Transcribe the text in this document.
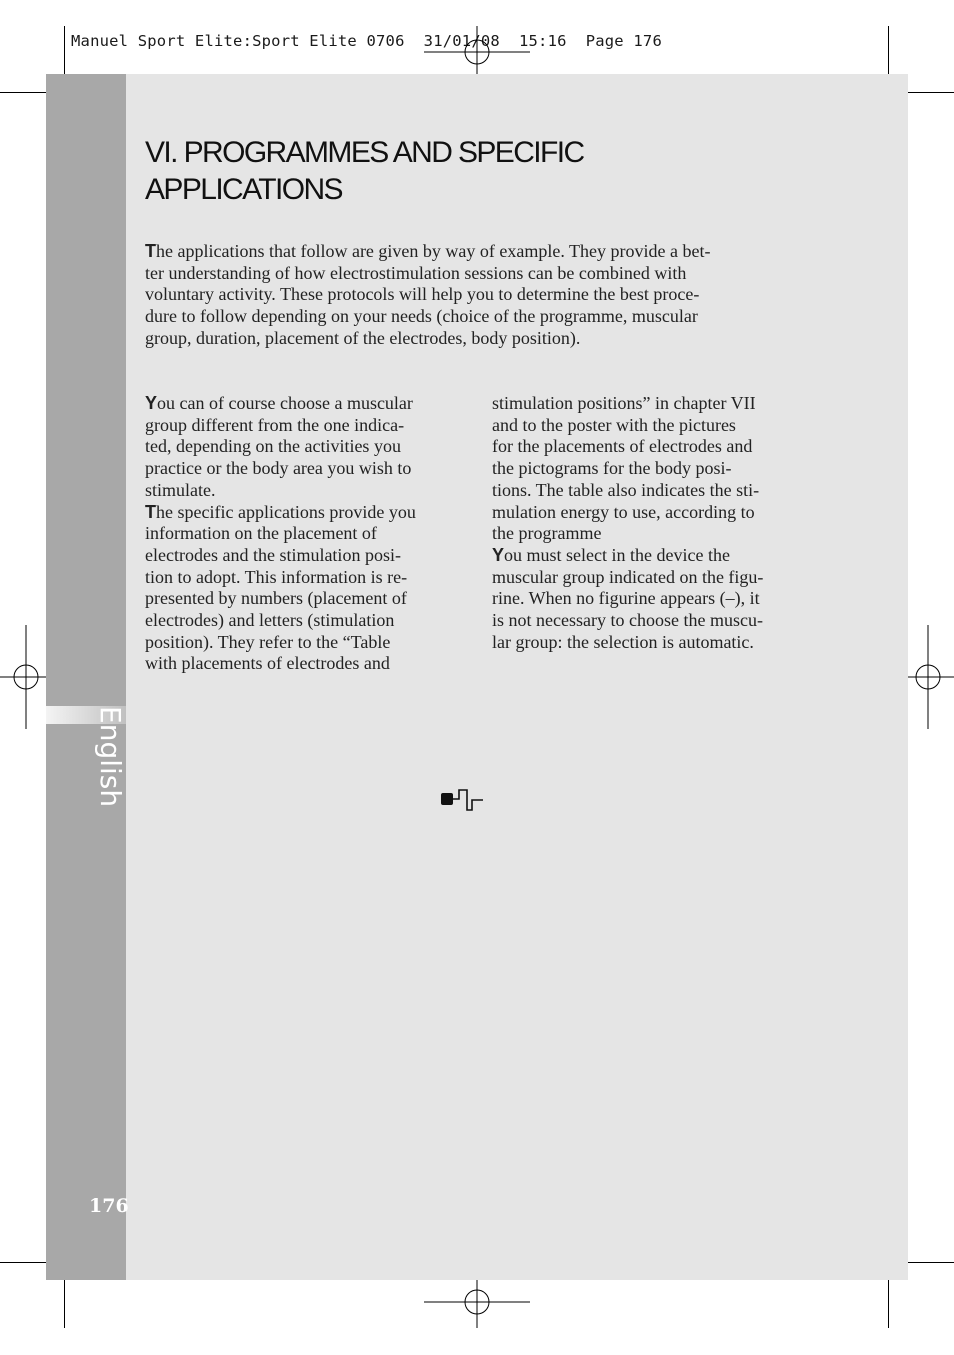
Manuel Sport Elite:Sport Elite 0706  31/01/08  15:16  Page 176
English
176
VI. PROGRAMMES AND SPECIFIC
APPLICATIONS
The applications that follow are given by way of example. They provide a bet-
ter understanding of how electrostimulation sessions can be combined with
voluntary activity. These protocols will help you to determine the best proce-
dure to follow depending on your needs (choice of the programme, muscular
group, duration, placement of the electrodes, body position).
You can of course choose a muscular
group different from the one indica-
ted, depending on the activities you
practice or the body area you wish to
stimulate.
The specific applications provide you
information on the placement of
electrodes and the stimulation posi-
tion to adopt. This information is re-
presented by numbers (placement of
electrodes) and letters (stimulation
position). They refer to the “Table
with placements of electrodes and
stimulation positions” in chapter VII
and to the poster with the pictures
for the placements of electrodes and
the pictograms for the body posi-
tions. The table also indicates the sti-
mulation energy to use, according to
the programme
You must select in the device the
muscular group indicated on the figu-
rine. When no figurine appears (–), it
is not necessary to choose the muscu-
lar group: the selection is automatic.
